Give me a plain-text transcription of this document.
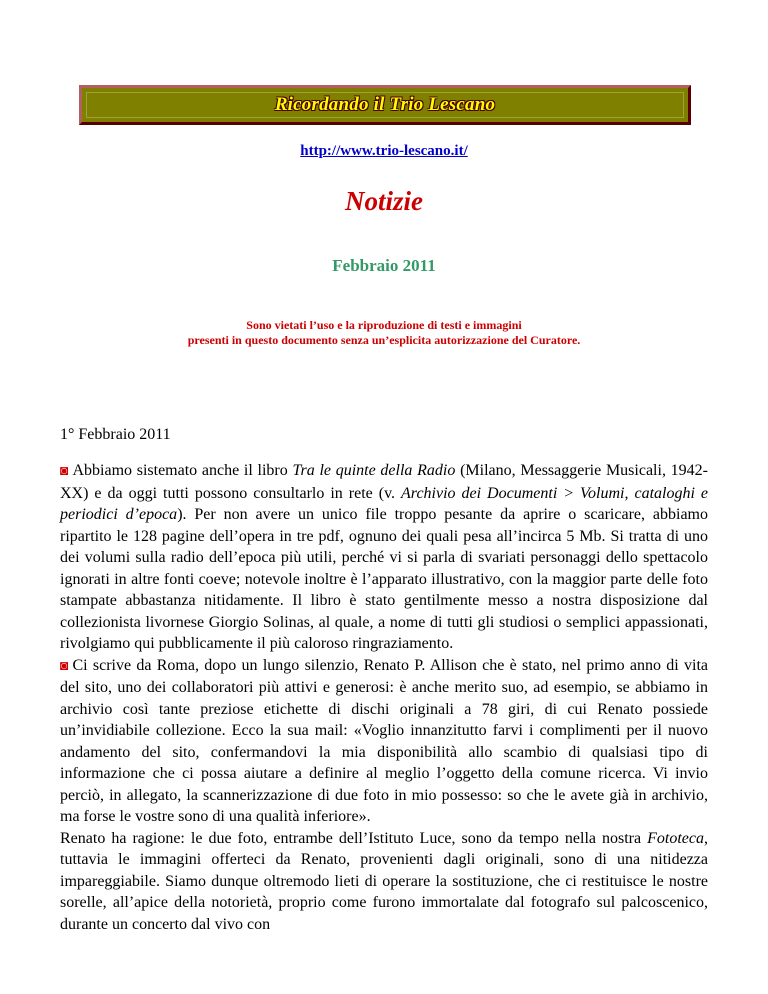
Ricordando il Trio Lescano
http://www.trio-lescano.it/
Notizie
Febbraio 2011
Sono vietati l’uso e la riproduzione di testi e immagini
presenti in questo documento senza un’esplicita autorizzazione del Curatore.
1° Febbraio 2011

◙ Abbiamo sistemato anche il libro Tra le quinte della Radio (Milano, Messaggerie Musicali, 1942-XX) e da oggi tutti possono consultarlo in rete (v. Archivio dei Documenti > Volumi, cataloghi e periodici d’epoca). Per non avere un unico file troppo pesante da aprire o scaricare, abbiamo ripartito le 128 pagine dell’opera in tre pdf, ognuno dei quali pesa all’incirca 5 Mb. Si tratta di uno dei volumi sulla radio dell’epoca più utili, perché vi si parla di svariati personaggi dello spettacolo ignorati in altre fonti coeve; notevole inoltre è l’apparato illustrativo, con la maggior parte delle foto stampate abbastanza nitidamente. Il libro è stato gentilmente messo a nostra disposizione dal collezionista livornese Giorgio Solinas, al quale, a nome di tutti gli studiosi o semplici appassionati, rivolgiamo qui pubblicamente il più caloroso ringraziamento.

◙ Ci scrive da Roma, dopo un lungo silenzio, Renato P. Allison che è stato, nel primo anno di vita del sito, uno dei collaboratori più attivi e generosi: è anche merito suo, ad esempio, se abbiamo in archivio così tante preziose etichette di dischi originali a 78 giri, di cui Renato possiede un’invidiabile collezione. Ecco la sua mail: «Voglio innanzitutto farvi i complimenti per il nuovo andamento del sito, confermandovi la mia disponibilità allo scambio di qualsiasi tipo di informazione che ci possa aiutare a definire al meglio l’oggetto della comune ricerca. Vi invio perciò, in allegato, la scannerizzazione di due foto in mio possesso: so che le avete già in archivio, ma forse le vostre sono di una qualità inferiore».

Renato ha ragione: le due foto, entrambe dell’Istituto Luce, sono da tempo nella nostra Fototeca, tuttavia le immagini offerteci da Renato, provenienti dagli originali, sono di una nitidezza impareggiabile. Siamo dunque oltremodo lieti di operare la sostituzione, che ci restituisce le nostre sorelle, all’apice della notorietà, proprio come furono immortalate dal fotografo sul palcoscenico, durante un concerto dal vivo con
